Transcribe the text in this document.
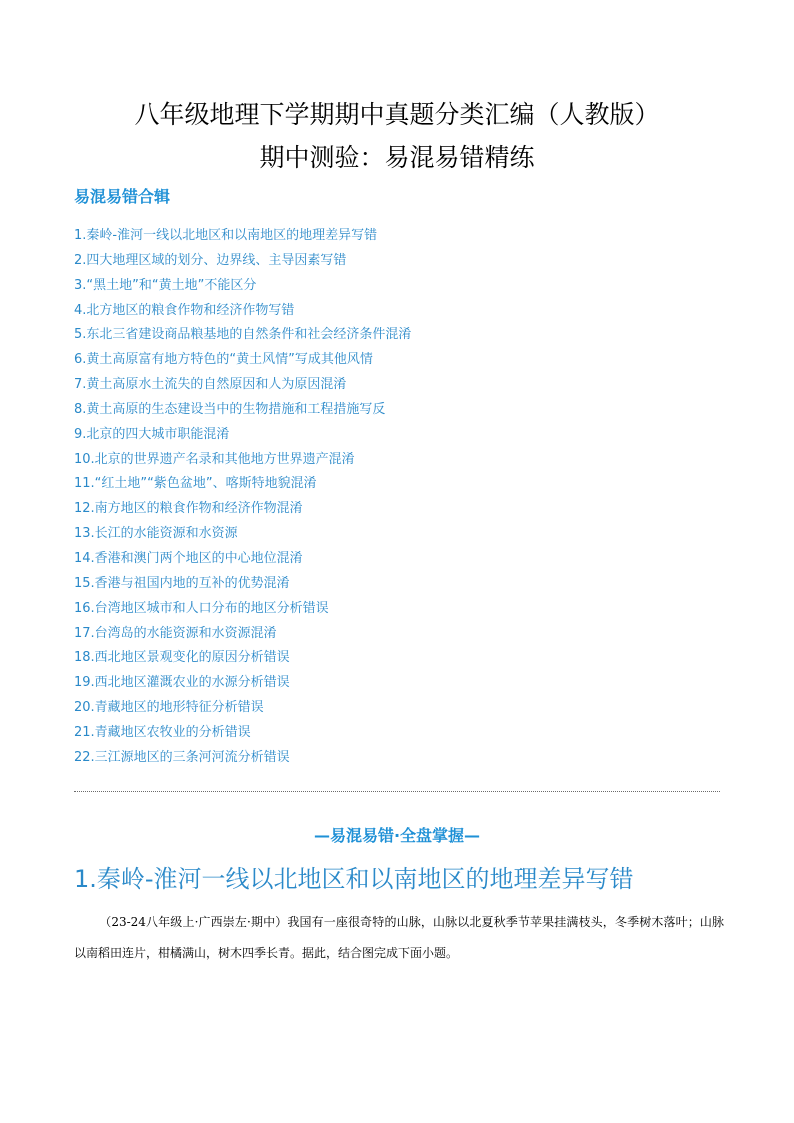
八年级地理下学期期中真题分类汇编（人教版）
期中测验：易混易错精练
易混易错合辑
1.秦岭-淮河一线以北地区和以南地区的地理差异写错
2.四大地理区域的划分、边界线、主导因素写错
3.“黑土地”和“黄土地”不能区分
4.北方地区的粮食作物和经济作物写错
5.东北三省建设商品粮基地的自然条件和社会经济条件混淆
6.黄土高原富有地方特色的“黄土风情”写成其他风情
7.黄土高原水土流失的自然原因和人为原因混淆
8.黄土高原的生态建设当中的生物措施和工程措施写反
9.北京的四大城市职能混淆
10.北京的世界遗产名录和其他地方世界遗产混淆
11.“红土地”“紫色盆地”、喀斯特地貌混淆
12.南方地区的粮食作物和经济作物混淆
13.长江的水能资源和水资源
14.香港和澳门两个地区的中心地位混淆
15.香港与祖国内地的互补的优势混淆
16.台湾地区城市和人口分布的地区分析错误
17.台湾岛的水能资源和水资源混淆
18.西北地区景观变化的原因分析错误
19.西北地区灌溉农业的水源分析错误
20.青藏地区的地形特征分析错误
21.青藏地区农牧业的分析错误
22.三江源地区的三条河河流分析错误
—易混易错·全盘掌握—
1.秦岭-淮河一线以北地区和以南地区的地理差异写错
（23-24八年级上·广西崇左·期中）我国有一座很奇特的山脉，山脉以北夏秋季节苹果挂满枝头，冬季树木落叶；山脉以南稻田连片，柑橘满山，树木四季长青。据此，结合图完成下面小题。
